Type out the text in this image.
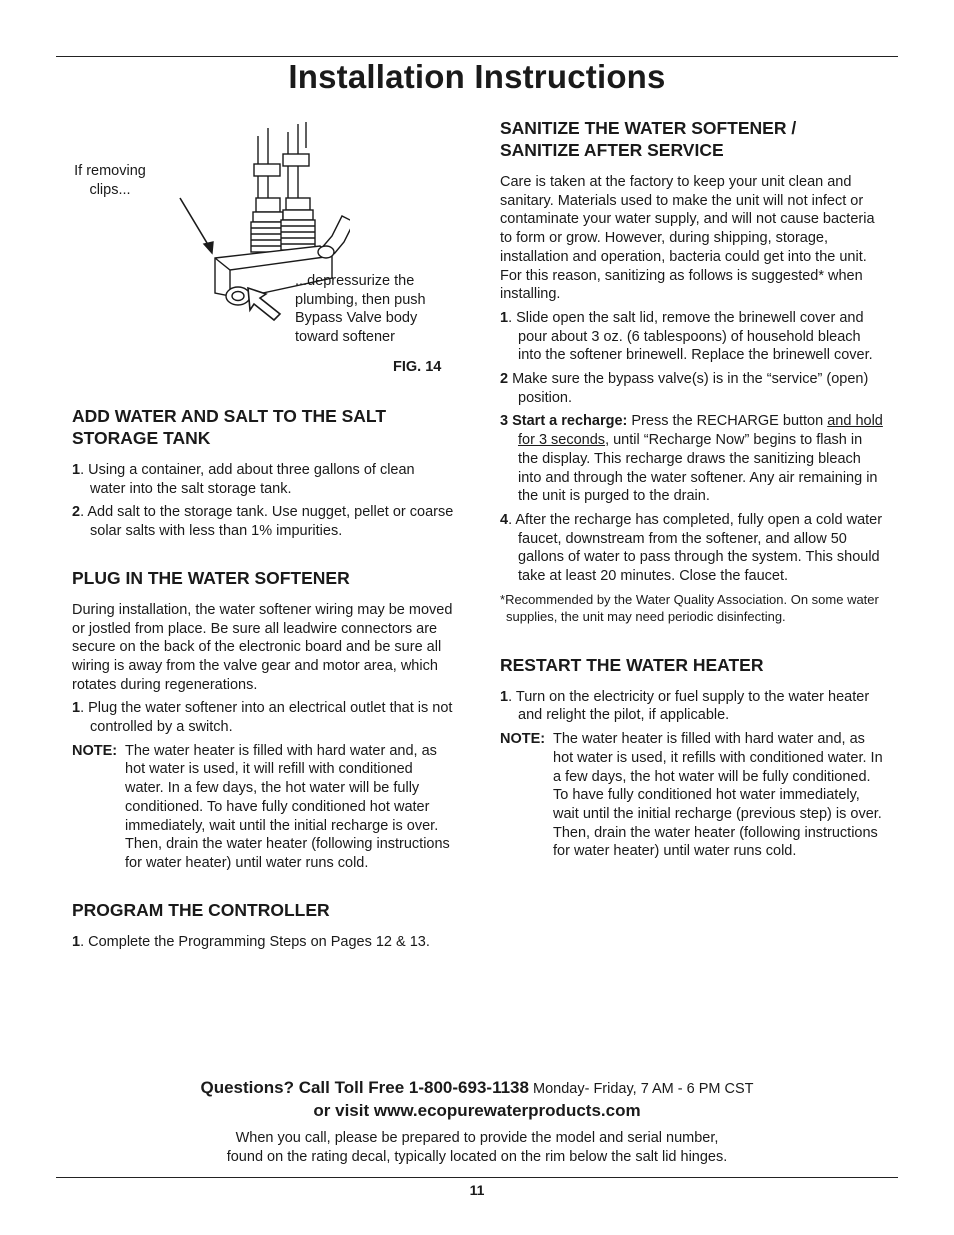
Installation Instructions
If removing
clips...
...depressurize the
plumbing, then push
Bypass Valve body
toward softener
FIG. 14
ADD WATER AND SALT TO THE SALT
STORAGE TANK
1. Using a container, add about three gallons of clean water into the salt storage tank.
2. Add salt to the storage tank. Use nugget, pellet or coarse solar salts with less than 1% impurities.
PLUG IN THE WATER SOFTENER

During installation, the water softener wiring may be moved or jostled from place. Be sure all leadwire connectors are secure on the back of the electronic board and be sure all wiring is away from the valve gear and motor area, which rotates during regenerations.

1. Plug the water softener into an electrical outlet that is not controlled by a switch.
NOTE: The water heater is filled with hard water and, as hot water is used, it will refill with conditioned water. In a few days, the hot water will be fully conditioned. To have fully conditioned hot water immediately, wait until the initial recharge is over. Then, drain the water heater (following instructions for water heater) until water runs cold.
PROGRAM THE CONTROLLER
1. Complete the Programming Steps on Pages 12 & 13.
SANITIZE THE WATER SOFTENER /
SANITIZE AFTER SERVICE

Care is taken at the factory to keep your unit clean and sanitary. Materials used to make the unit will not infect or contaminate your water supply, and will not cause bacteria to form or grow. However, during shipping, storage, installation and operation, bacteria could get into the unit. For this reason, sanitizing as follows is suggested* when installing.

1. Slide open the salt lid, remove the brinewell cover and pour about 3 oz. (6 tablespoons) of household bleach into the softener brinewell. Replace the brinewell cover.
2 Make sure the bypass valve(s) is in the “service” (open) position.
3 Start a recharge: Press the RECHARGE button and hold for 3 seconds, until “Recharge Now” begins to flash in the display. This recharge draws the sanitizing bleach into and through the water softener. Any air remaining in the unit is purged to the drain.
4. After the recharge has completed, fully open a cold water faucet, downstream from the softener, and allow 50 gallons of water to pass through the system. This should take at least 20 minutes. Close the faucet.
*Recommended by the Water Quality Association. On some water supplies, the unit may need periodic disinfecting.
RESTART THE WATER HEATER
1. Turn on the electricity or fuel supply to the water heater and relight the pilot, if applicable.
NOTE: The water heater is filled with hard water and, as hot water is used, it refills with conditioned water. In a few days, the hot water will be fully conditioned. To have fully conditioned hot water immediately, wait until the initial recharge (previous step) is over. Then, drain the water heater (following instructions for water heater) until water runs cold.
Questions? Call Toll Free 1-800-693-1138 Monday- Friday, 7 AM - 6 PM CST
or visit www.ecopurewaterproducts.com
When you call, please be prepared to provide the model and serial number,
found on the rating decal, typically located on the rim below the salt lid hinges.
11
